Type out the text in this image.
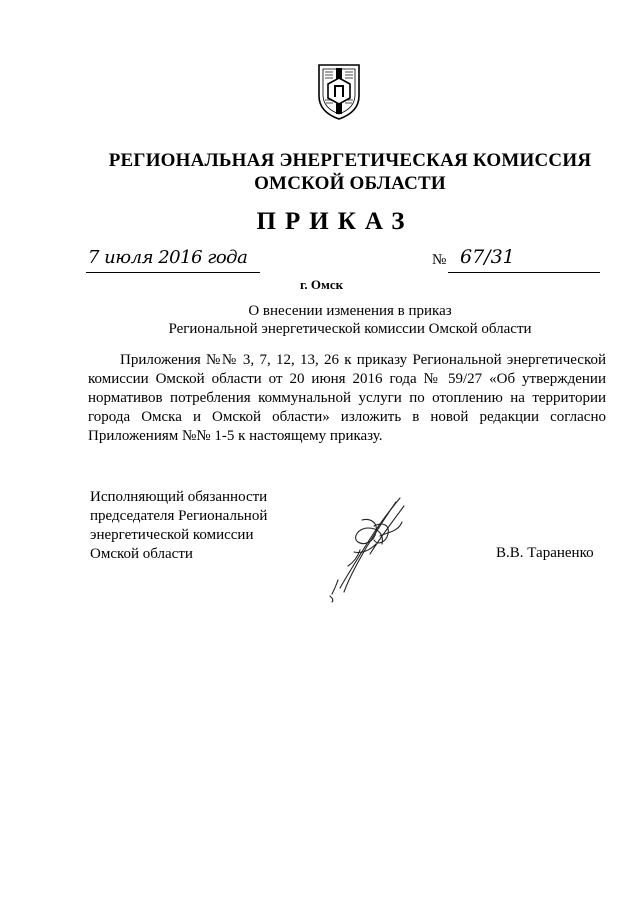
РЕГИОНАЛЬНАЯ ЭНЕРГЕТИЧЕСКАЯ КОМИССИЯ
ОМСКОЙ ОБЛАСТИ
ПРИКАЗ
7 июля 2016 года	№ 67/31
г. Омск
О внесении изменения в приказ
Региональной энергетической комиссии Омской области
Приложения №№ 3, 7, 12, 13, 26 к приказу Региональной энергетической
комиссии Омской области от 20 июня 2016 года № 59/27 «Об утверждении
нормативов потребления коммунальной услуги по отоплению на территории
города Омска и Омской области» изложить в новой редакции согласно
Приложениям №№ 1-5 к настоящему приказу.
Исполняющий обязанности
председателя Региональной
энергетической комиссии
Омской области	В.В. Тараненко
